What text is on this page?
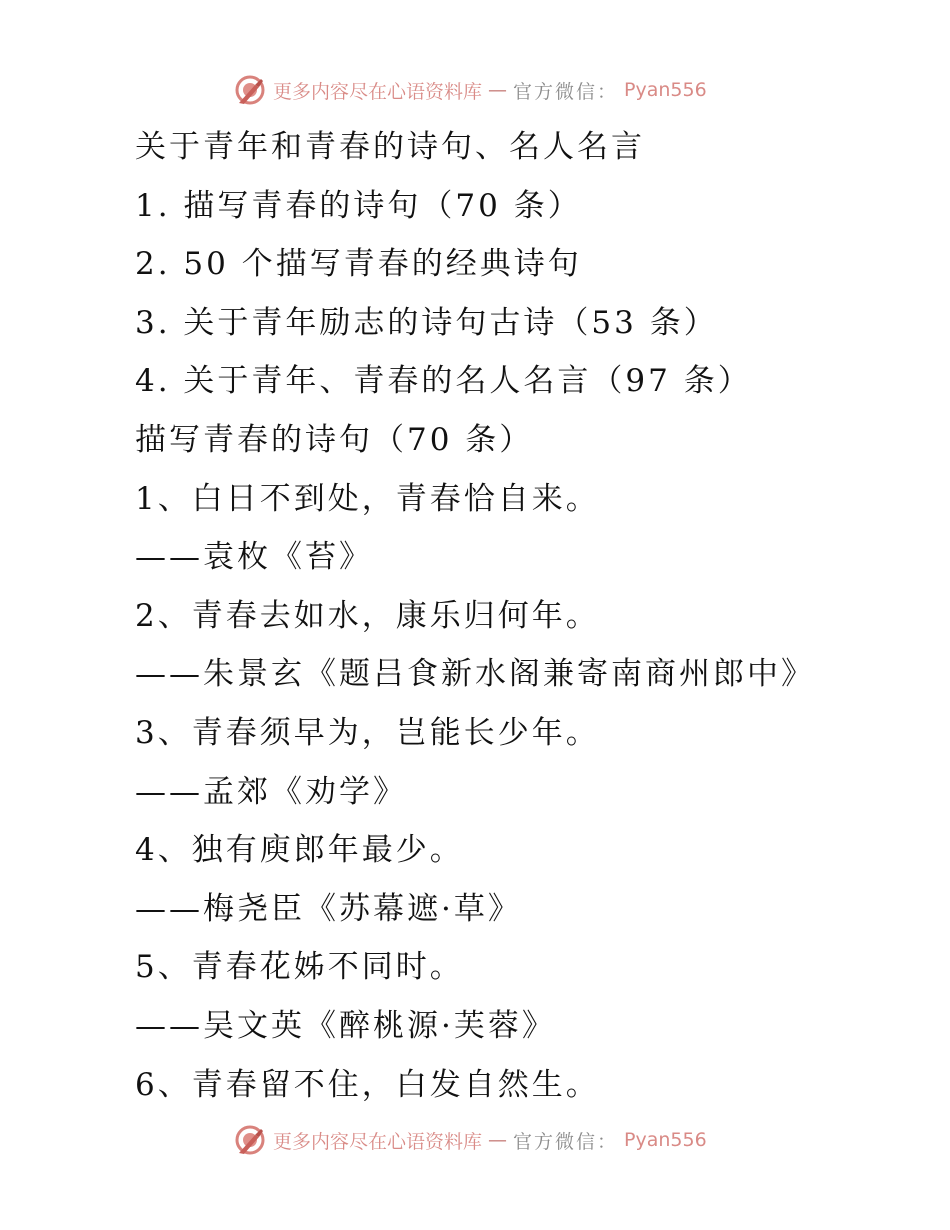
更多内容尽在心语资料库 — 官方微信： Pyan556
关于青年和青春的诗句、名人名言
1. 描写青春的诗句（70 条）
2. 50 个描写青春的经典诗句
3. 关于青年励志的诗句古诗（53 条）
4. 关于青年、青春的名人名言（97 条）
描写青春的诗句（70 条）
1、白日不到处，青春恰自来。
——袁枚《苔》
2、青春去如水，康乐归何年。
——朱景玄《题吕食新水阁兼寄南商州郎中》
3、青春须早为，岂能长少年。
——孟郊《劝学》
4、独有庾郎年最少。
——梅尧臣《苏幕遮·草》
5、青春花姊不同时。
——吴文英《醉桃源·芙蓉》
6、青春留不住，白发自然生。
更多内容尽在心语资料库 — 官方微信： Pyan556
